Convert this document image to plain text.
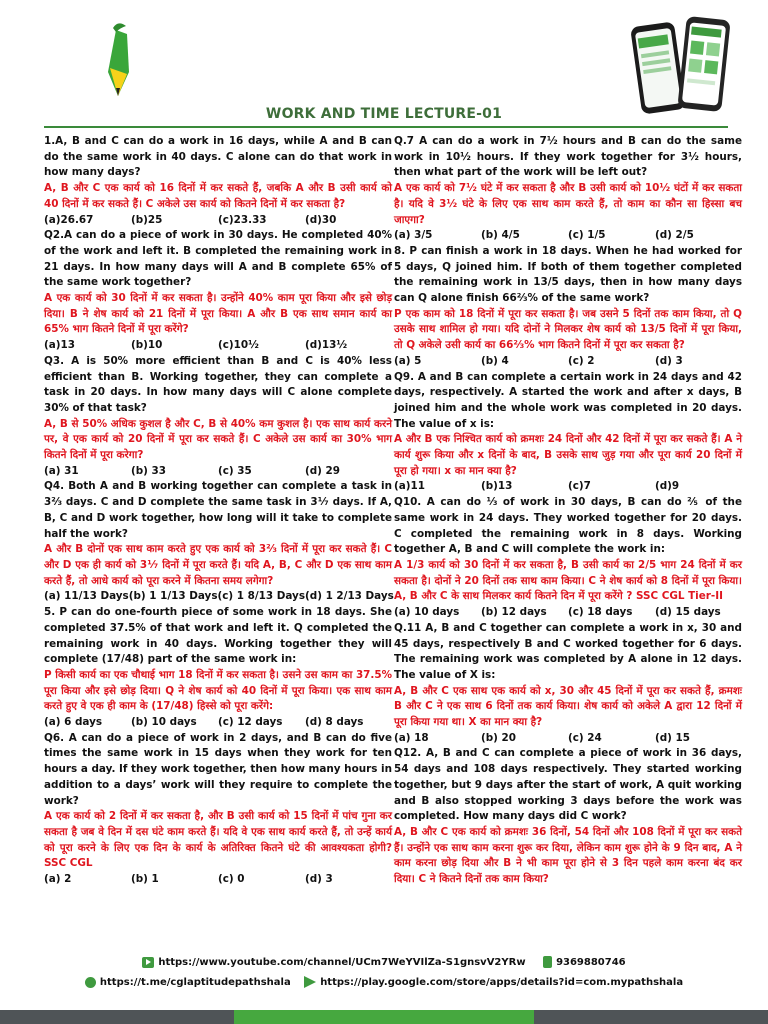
WORK AND TIME LECTURE-01
1.A, B and C can do a work in 16 days, while A and B can do the same work in 40 days. C alone can do that work in how many days?
A, B और C एक कार्य को 16 दिनों में कर सकते हैं, जबकि A और B उसी कार्य को 40 दिनों में कर सकते हैं। C अकेले उस कार्य को कितने दिनों में कर सकता है?
(a)26.67	(b)25	(c)23.33	(d)30
Q2.A can do a piece of work in 30 days. He completed 40% of the work and left it. B completed the remaining work in 21 days. In how many days will A and B complete 65% of the same work together?
A एक कार्य को 30 दिनों में कर सकता है। उन्होंने 40% काम पूरा किया और इसे छोड़ दिया। B ने शेष कार्य को 21 दिनों में पूरा किया। A और B एक साथ समान कार्य का 65% भाग कितने दिनों में पूरा करेंगे?
(a)13	(b)10	(c)10½	(d)13½
Q3. A is 50% more efficient than B and C is 40% less efficient than B. Working together, they can complete a task in 20 days. In how many days will C alone complete 30% of that task?
A, B से 50% अधिक कुशल है और C, B से 40% कम कुशल है। एक साथ कार्य करने पर, वे एक कार्य को 20 दिनों में पूरा कर सकते हैं। C अकेले उस कार्य का 30% भाग कितने दिनों में पूरा करेगा?
(a) 31	(b) 33	(c) 35	(d) 29
Q4. Both A and B working together can complete a task in 3⅔ days. C and D complete the same task in 3⅐ days. If A, B, C and D work together, how long will it take to complete half the work?
A और B दोनों एक साथ काम करते हुए एक कार्य को 3⅔ दिनों में पूरा कर सकते हैं। C और D एक ही कार्य को 3⅐ दिनों में पूरा करते हैं। यदि A, B, C और D एक साथ काम करते हैं, तो आधे कार्य को पूरा करने में कितना समय लगेगा?
(a) 11/13 Days (b) 1 1/13 Days (c) 1 8/13 Days (d) 1 2/13 Days
5. P can do one-fourth piece of some work in 18 days. She completed 37.5% of that work and left it. Q completed the remaining work in 40 days. Working together they will complete (17/48) part of the same work in:
P किसी कार्य का एक चौथाई भाग 18 दिनों में कर सकता है। उसने उस काम का 37.5% पूरा किया और इसे छोड़ दिया। Q ने शेष कार्य को 40 दिनों में पूरा किया। एक साथ काम करते हुए वे एक ही काम के (17/48) हिस्से को पूरा करेंगे:
(a) 6 days	(b) 10 days	(c) 12 days	(d) 8 days
Q6. A can do a piece of work in 2 days, and B can do five times the same work in 15 days when they work for ten hours a day. If they work together, then how many hours in addition to a days’ work will they require to complete the work?
A एक कार्य को 2 दिनों में कर सकता है, और B उसी कार्य को 15 दिनों में पांच गुना कर सकता है जब वे दिन में दस घंटे काम करते हैं। यदि वे एक साथ कार्य करते हैं, तो उन्हें कार्य को पूरा करने के लिए एक दिन के कार्य के अतिरिक्त कितने घंटे की आवश्यकता होगी? SSC CGL
(a) 2	(b) 1	(c) 0	(d) 3
Q.7 A can do a work in 7½ hours and B can do the same work in 10½ hours. If they work together for 3½ hours, then what part of the work will be left out?
A एक कार्य को 7½ घंटे में कर सकता है और B उसी कार्य को 10½ घंटों में कर सकता है। यदि वे 3½ घंटे के लिए एक साथ काम करते हैं, तो काम का कौन सा हिस्सा बच जाएगा?
(a) 3/5	(b) 4/5	(c) 1/5	(d) 2/5
8. P can finish a work in 18 days. When he had worked for 5 days, Q joined him. If both of them together completed the remaining work in 13/5 days, then in how many days can Q alone finish 66⅔% of the same work?
P एक काम को 18 दिनों में पूरा कर सकता है। जब उसने 5 दिनों तक काम किया, तो Q उसके साथ शामिल हो गया। यदि दोनों ने मिलकर शेष कार्य को 13/5 दिनों में पूरा किया, तो Q अकेले उसी कार्य का 66⅔% भाग कितने दिनों में पूरा कर सकता है?
(a) 5	(b) 4	(c) 2	(d) 3
Q9. A and B can complete a certain work in 24 days and 42 days, respectively. A started the work and after x days, B joined him and the whole work was completed in 20 days. The value of x is:
A और B एक निश्चित कार्य को क्रमशः 24 दिनों और 42 दिनों में पूरा कर सकते हैं। A ने कार्य शुरू किया और x दिनों के बाद, B उसके साथ जुड़ गया और पूरा कार्य 20 दिनों में पूरा हो गया। x का मान क्या है?
(a)11	(b)13	(c)7	(d)9
Q10. A can do ⅓ of work in 30 days, B can do ⅖ of the same work in 24 days. They worked together for 20 days. C completed the remaining work in 8 days. Working together A, B and C will complete the work in:
A 1/3 कार्य को 30 दिनों में कर सकता है, B उसी कार्य का 2/5 भाग 24 दिनों में कर सकता है। दोनों ने 20 दिनों तक साथ काम किया। C ने शेष कार्य को 8 दिनों में पूरा किया। A, B और C के साथ मिलकर कार्य कितने दिन में पूरा करेंगे ? SSC CGL Tier-II
(a) 10 days	(b) 12 days	(c) 18 days	(d) 15 days
Q.11 A, B and C together can complete a work in x, 30 and 45 days, respectively B and C worked together for 6 days. The remaining work was completed by A alone in 12 days. The value of X is:
A, B और C एक साथ एक कार्य को x, 30 और 45 दिनों में पूरा कर सकते हैं, क्रमशः B और C ने एक साथ 6 दिनों तक कार्य किया। शेष कार्य को अकेले A द्वारा 12 दिनों में पूरा किया गया था। X का मान क्या है?
(a) 18	(b) 20	(c) 24	(d) 15
Q12. A, B and C can complete a piece of work in 36 days, 54 days and 108 days respectively. They started working together, but 9 days after the start of work, A quit working and B also stopped working 3 days before the work was completed. How many days did C work?
A, B और C एक कार्य को क्रमशः 36 दिनों, 54 दिनों और 108 दिनों में पूरा कर सकते हैं। उन्होंने एक साथ काम करना शुरू कर दिया, लेकिन काम शुरू होने के 9 दिन बाद, A ने काम करना छोड़ दिया और B ने भी काम पूरा होने से 3 दिन पहले काम करना बंद कर दिया। C ने कितने दिनों तक काम किया?
https://www.youtube.com/channel/UCm7WeYVIlZa-S1gnsvV2YRw	9369880746
https://t.me/cglaptitudepathshala	https://play.google.com/store/apps/details?id=com.mypathshala
